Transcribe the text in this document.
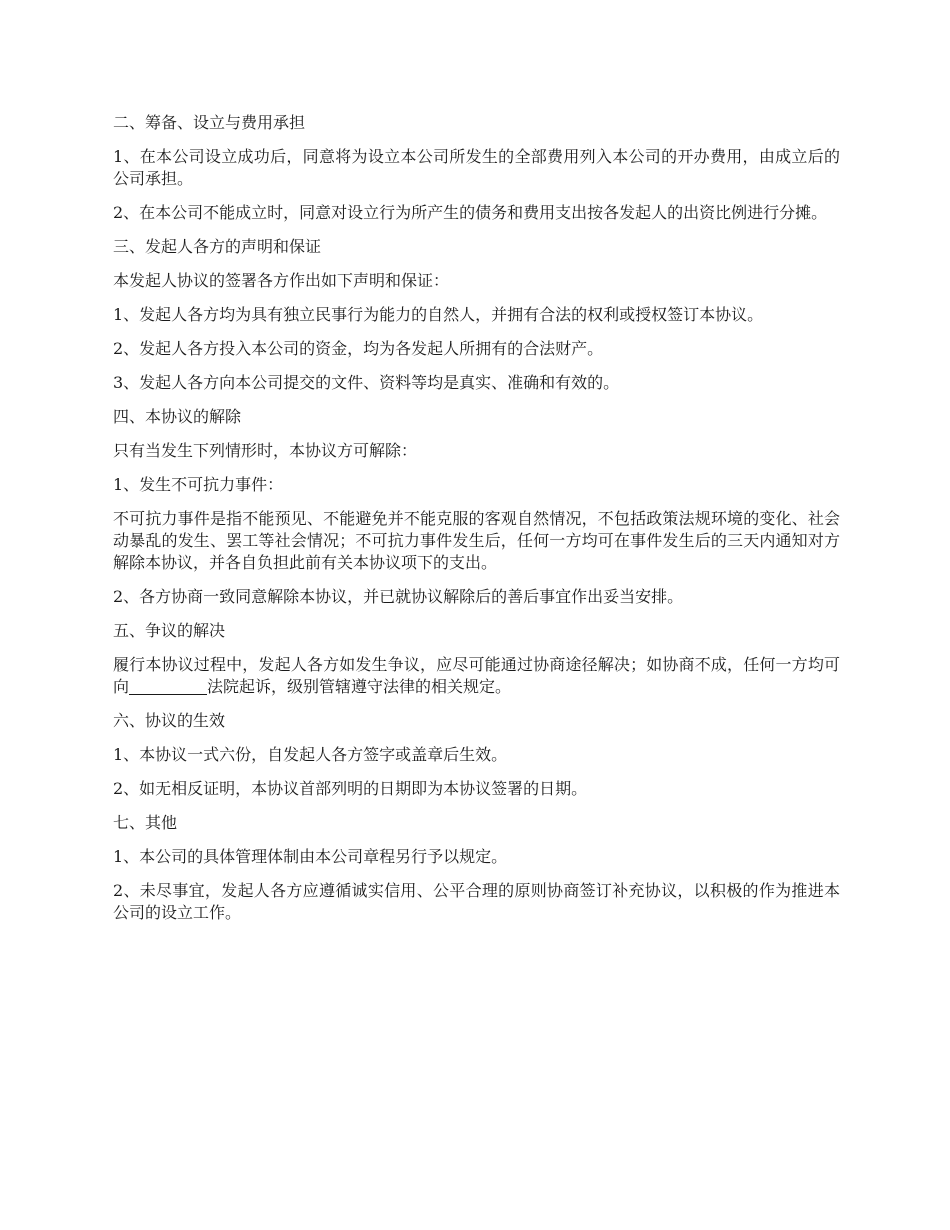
二、筹备、设立与费用承担

1、在本公司设立成功后，同意将为设立本公司所发生的全部费用列入本公司的开办费用，由成立后的公司承担。

2、在本公司不能成立时，同意对设立行为所产生的债务和费用支出按各发起人的出资比例进行分摊。

三、发起人各方的声明和保证

本发起人协议的签署各方作出如下声明和保证：

1、发起人各方均为具有独立民事行为能力的自然人，并拥有合法的权利或授权签订本协议。

2、发起人各方投入本公司的资金，均为各发起人所拥有的合法财产。

3、发起人各方向本公司提交的文件、资料等均是真实、准确和有效的。

四、本协议的解除

只有当发生下列情形时，本协议方可解除：

1、发生不可抗力事件：

不可抗力事件是指不能预见、不能避免并不能克服的客观自然情况，不包括政策法规环境的变化、社会动暴乱的发生、罢工等社会情况；不可抗力事件发生后，任何一方均可在事件发生后的三天内通知对方解除本协议，并各自负担此前有关本协议项下的支出。

2、各方协商一致同意解除本协议，并已就协议解除后的善后事宜作出妥当安排。

五、争议的解决

履行本协议过程中，发起人各方如发生争议，应尽可能通过协商途径解决；如协商不成，任何一方均可向	法院起诉，级别管辖遵守法律的相关规定。

六、协议的生效

1、本协议一式六份，自发起人各方签字或盖章后生效。

2、如无相反证明，本协议首部列明的日期即为本协议签署的日期。

七、其他

1、本公司的具体管理体制由本公司章程另行予以规定。

2、未尽事宜，发起人各方应遵循诚实信用、公平合理的原则协商签订补充协议，以积极的作为推进本公司的设立工作。
